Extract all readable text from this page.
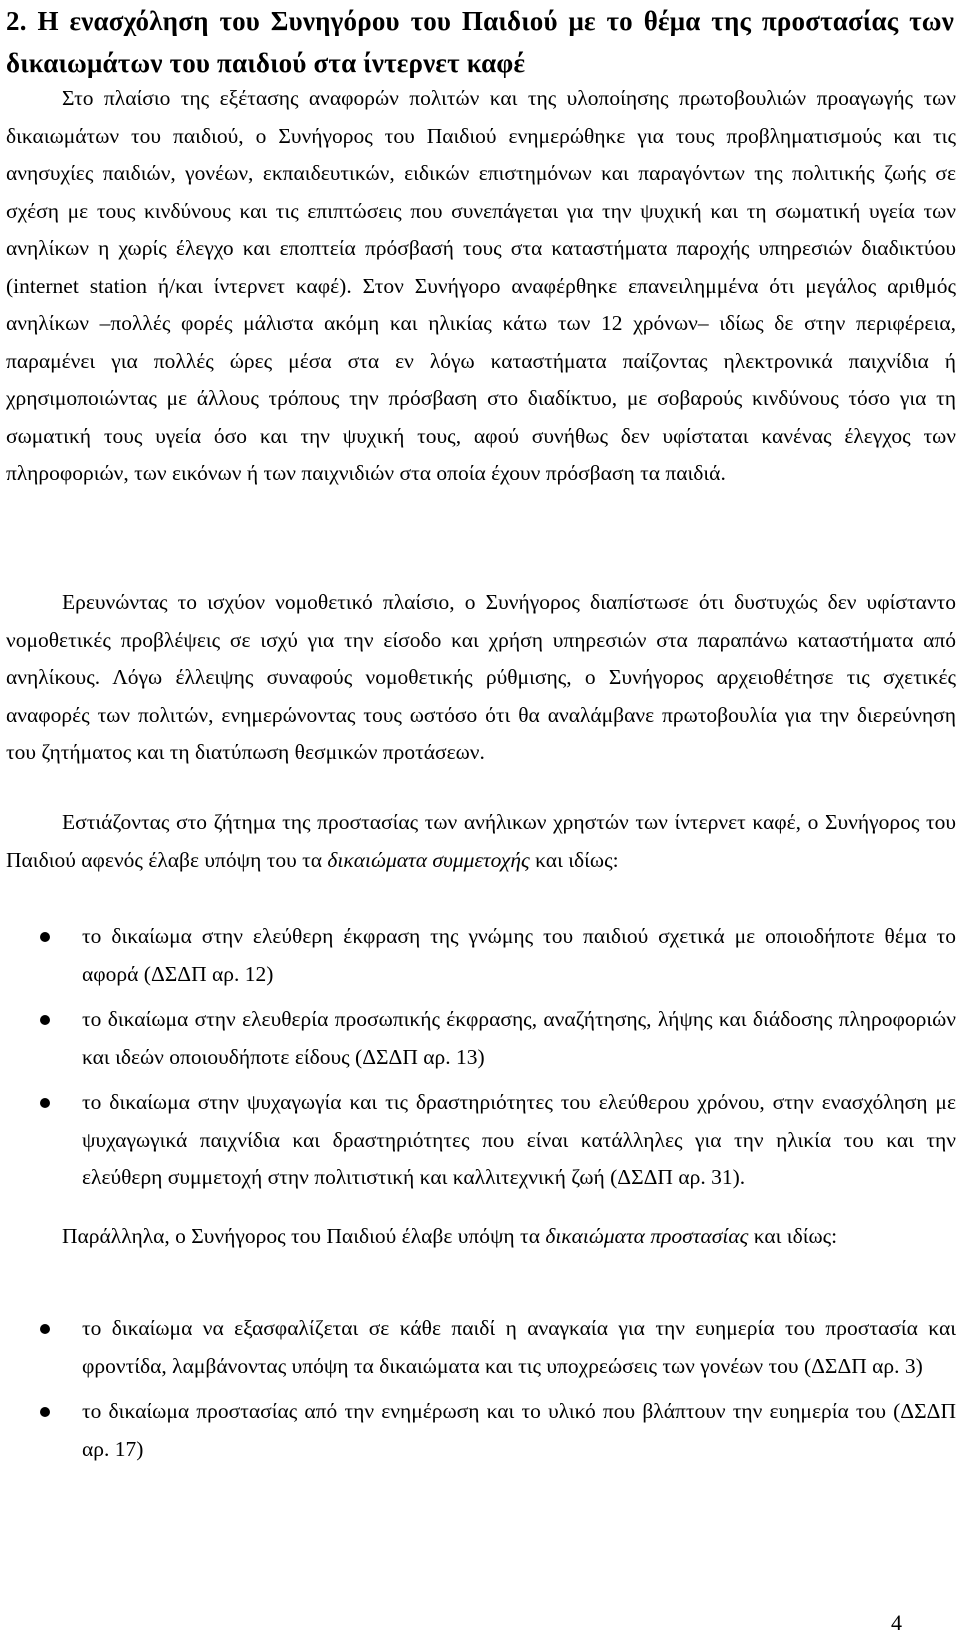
2. Η ενασχόληση του Συνηγόρου του Παιδιού με το θέμα της προστασίας των δικαιωμάτων του παιδιού στα ίντερνετ καφέ

Στο πλαίσιο της εξέτασης αναφορών πολιτών και της υλοποίησης πρωτοβουλιών προαγωγής των δικαιωμάτων του παιδιού, ο Συνήγορος του Παιδιού ενημερώθηκε για τους προβληματισμούς και τις ανησυχίες παιδιών, γονέων, εκπαιδευτικών, ειδικών επιστημόνων και παραγόντων της πολιτικής ζωής σε σχέση με τους κινδύνους και τις επιπτώσεις που συνεπάγεται για την ψυχική και τη σωματική υγεία των ανηλίκων η χωρίς έλεγχο και εποπτεία πρόσβασή τους στα καταστήματα παροχής υπηρεσιών διαδικτύου (internet station ή/και ίντερνετ καφέ). Στον Συνήγορο αναφέρθηκε επανειλημμένα ότι μεγάλος αριθμός ανηλίκων –πολλές φορές μάλιστα ακόμη και ηλικίας κάτω των 12 χρόνων– ιδίως δε στην περιφέρεια, παραμένει για πολλές ώρες μέσα στα εν λόγω καταστήματα παίζοντας ηλεκτρονικά παιχνίδια ή χρησιμοποιώντας με άλλους τρόπους την πρόσβαση στο διαδίκτυο, με σοβαρούς κινδύνους τόσο για τη σωματική τους υγεία όσο και την ψυχική τους, αφού συνήθως δεν υφίσταται κανένας έλεγχος των πληροφοριών, των εικόνων ή των παιχνιδιών στα οποία έχουν πρόσβαση τα παιδιά.

Ερευνώντας το ισχύον νομοθετικό πλαίσιο, ο Συνήγορος διαπίστωσε ότι δυστυχώς δεν υφίσταντο νομοθετικές προβλέψεις σε ισχύ για την είσοδο και χρήση υπηρεσιών στα παραπάνω καταστήματα από ανηλίκους. Λόγω έλλειψης συναφούς νομοθετικής ρύθμισης, ο Συνήγορος αρχειοθέτησε τις σχετικές αναφορές των πολιτών, ενημερώνοντας τους ωστόσο ότι θα αναλάμβανε πρωτοβουλία για την διερεύνηση του ζητήματος και τη διατύπωση θεσμικών προτάσεων.

Εστιάζοντας στο ζήτημα της προστασίας των ανήλικων χρηστών των ίντερνετ καφέ, ο Συνήγορος του Παιδιού αφενός έλαβε υπόψη του τα δικαιώματα συμμετοχής και ιδίως:

το δικαίωμα στην ελεύθερη έκφραση της γνώμης του παιδιού σχετικά με οποιοδήποτε θέμα το αφορά (ΔΣΔΠ αρ. 12)
το δικαίωμα στην ελευθερία προσωπικής έκφρασης, αναζήτησης, λήψης και διάδοσης πληροφοριών και ιδεών οποιουδήποτε είδους (ΔΣΔΠ αρ. 13)
το δικαίωμα στην ψυχαγωγία και τις δραστηριότητες του ελεύθερου χρόνου, στην ενασχόληση με ψυχαγωγικά παιχνίδια και δραστηριότητες που είναι κατάλληλες για την ηλικία του και την ελεύθερη συμμετοχή στην πολιτιστική και καλλιτεχνική ζωή (ΔΣΔΠ αρ. 31).

Παράλληλα, ο Συνήγορος του Παιδιού έλαβε υπόψη τα δικαιώματα προστασίας και ιδίως:

το δικαίωμα να εξασφαλίζεται σε κάθε παιδί η αναγκαία για την ευημερία του προστασία και φροντίδα, λαμβάνοντας υπόψη τα δικαιώματα και τις υποχρεώσεις των γονέων του (ΔΣΔΠ αρ. 3)
το δικαίωμα προστασίας από την ενημέρωση και το υλικό που βλάπτουν την ευημερία του (ΔΣΔΠ αρ. 17)
4
